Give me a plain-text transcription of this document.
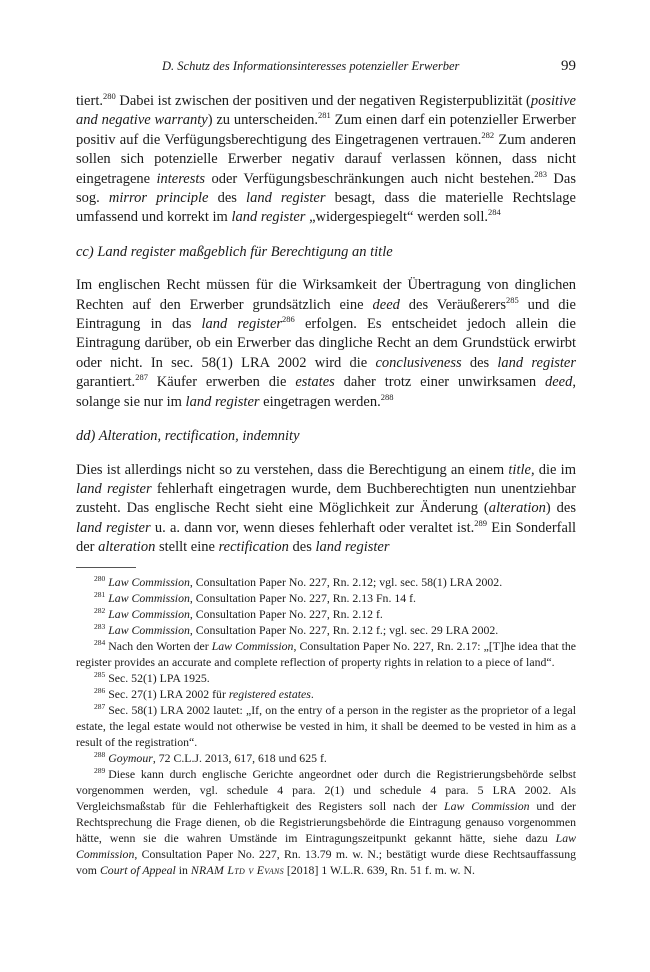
D. Schutz des Informationsinteresses potenzieller Erwerber	99

tiert.$^{280}$ Dabei ist zwischen der positiven und der negativen Registerpublizität (positive and negative warranty) zu unterscheiden.$^{281}$ Zum einen darf ein potenzieller Erwerber positiv auf die Verfügungsberechtigung des Eingetragenen vertrauen.$^{282}$ Zum anderen sollen sich potenzielle Erwerber negativ darauf verlassen können, dass nicht eingetragene interests oder Verfügungsbeschränkungen auch nicht bestehen.$^{283}$ Das sog. mirror principle des land register besagt, dass die materielle Rechtslage umfassend und korrekt im land register „widergespiegelt“ werden soll.$^{284}$

cc) Land register maßgeblich für Berechtigung an title

Im englischen Recht müssen für die Wirksamkeit der Übertragung von dinglichen Rechten auf den Erwerber grundsätzlich eine deed des Veräußerers$^{285}$ und die Eintragung in das land register$^{286}$ erfolgen. Es entscheidet jedoch allein die Eintragung darüber, ob ein Erwerber das dingliche Recht an dem Grundstück erwirbt oder nicht. In sec. 58(1) LRA 2002 wird die conclusiveness des land register garantiert.$^{287}$ Käufer erwerben die estates daher trotz einer unwirksamen deed, solange sie nur im land register eingetragen werden.$^{288}$

dd) Alteration, rectification, indemnity

Dies ist allerdings nicht so zu verstehen, dass die Berechtigung an einem title, die im land register fehlerhaft eingetragen wurde, dem Buchberechtigten nun unentziehbar zusteht. Das englische Recht sieht eine Möglichkeit zur Änderung (alteration) des land register u. a. dann vor, wenn dieses fehlerhaft oder veraltet ist.$^{289}$ Ein Sonderfall der alteration stellt eine rectification des land register

$^{280}$ Law Commission, Consultation Paper No. 227, Rn. 2.12; vgl. sec. 58(1) LRA 2002.

$^{281}$ Law Commission, Consultation Paper No. 227, Rn. 2.13 Fn. 14 f.

$^{282}$ Law Commission, Consultation Paper No. 227, Rn. 2.12 f.

$^{283}$ Law Commission, Consultation Paper No. 227, Rn. 2.12 f.; vgl. sec. 29 LRA 2002.

$^{284}$ Nach den Worten der Law Commission, Consultation Paper No. 227, Rn. 2.17: „[T]he idea that the register provides an accurate and complete reflection of property rights in relation to a piece of land“.

$^{285}$ Sec. 52(1) LPA 1925.

$^{286}$ Sec. 27(1) LRA 2002 für registered estates.

$^{287}$ Sec. 58(1) LRA 2002 lautet: „If, on the entry of a person in the register as the proprietor of a legal estate, the legal estate would not otherwise be vested in him, it shall be deemed to be vested in him as a result of the registration“.

$^{288}$ Goymour, 72 C.L.J. 2013, 617, 618 und 625 f.

$^{289}$ Diese kann durch englische Gerichte angeordnet oder durch die Registrierungsbehörde selbst vorgenommen werden, vgl. schedule 4 para. 2(1) und schedule 4 para. 5 LRA 2002. Als Vergleichsmaßstab für die Fehlerhaftigkeit des Registers soll nach der Law Commission und der Rechtsprechung die Frage dienen, ob die Registrierungsbehörde die Eintragung genauso vorgenommen hätte, wenn sie die wahren Umstände im Eintragungszeitpunkt gekannt hätte, siehe dazu Law Commission, Consultation Paper No. 227, Rn. 13.79 m. w. N.; bestätigt wurde diese Rechtsauffassung vom Court of Appeal in NRAM Ltd v Evans [2018] 1 W.L.R. 639, Rn. 51 f. m. w. N.
